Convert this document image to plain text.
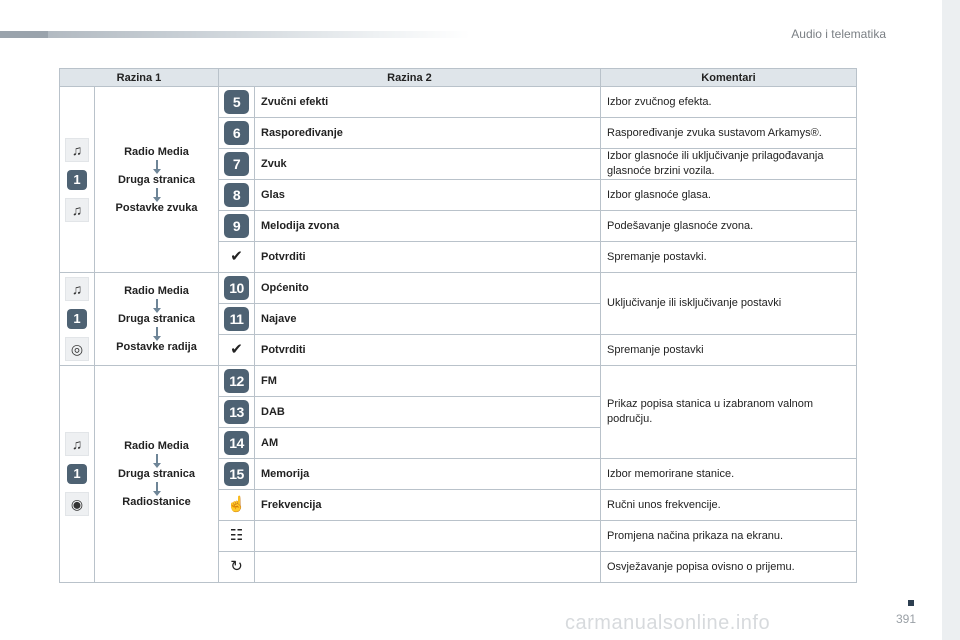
Audio i telematika
Razina 1		Razina 2		Komentari

♫
1
♫	Radio Media
Druga stranica
Postavke zvuka	5	Zvučni efekti	Izbor zvučnog efekta.
		6	Raspoređivanje	Raspoređivanje zvuka sustavom Arkamys®.
		7	Zvuk	Izbor glasnoće ili uključivanje prilagođavanja glasnoće brzini vozila.
		8	Glas	Izbor glasnoće glasa.
		9	Melodija zvona	Podešavanje glasnoće zvona.
		✔	Potvrditi	Spremanje postavki.

♫
1
◎	Radio Media
Druga stranica
Postavke radija	10	Općenito	Uključivanje ili isključivanje postavki
		11	Najave	
		✔	Potvrditi	Spremanje postavki

♫
1
◉	Radio Media
Druga stranica
Radiostanice	12	FM	Prikaz popisa stanica u izabranom valnom području.
		13	DAB	
		14	AM	
		15	Memorija	Izbor memorirane stanice.
		☝	Frekvencija	Ručni unos frekvencije.
		☷		Promjena načina prikaza na ekranu.
		↻		Osvježavanje popisa ovisno o prijemu.
391
carmanualsonline.info
